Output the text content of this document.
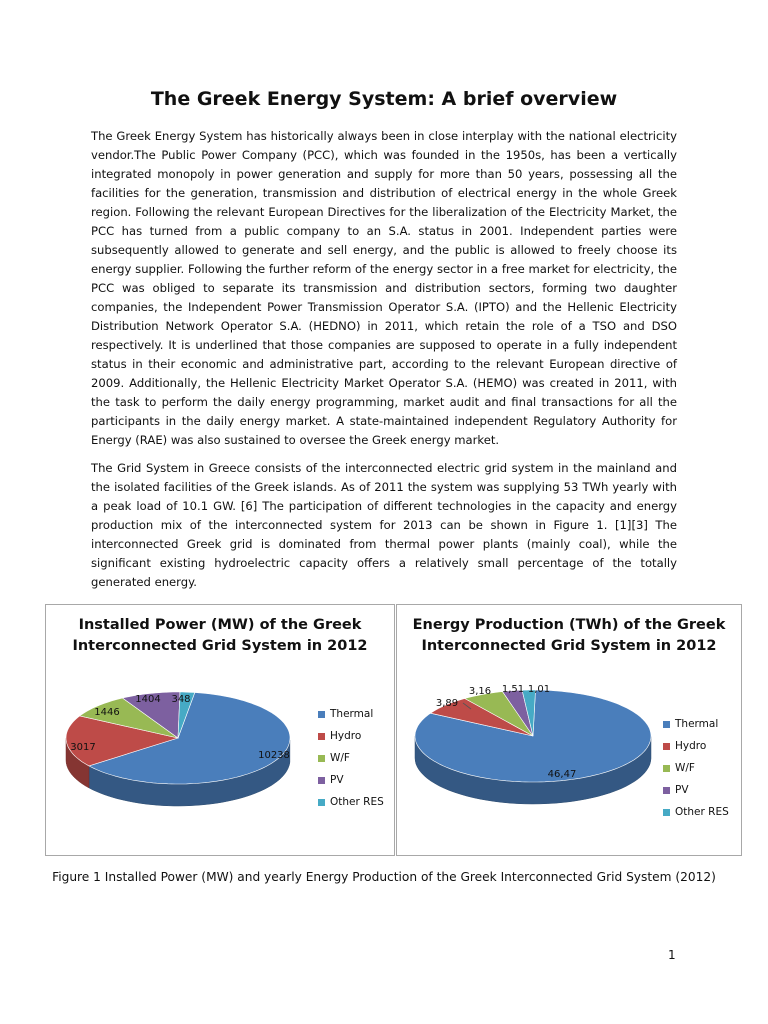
The Greek Energy System: A brief overview

The Greek Energy System has historically always been in close interplay with the national electricity vendor.The Public Power Company (PCC), which was founded in the 1950s, has been a vertically integrated monopoly in power generation and supply for more than 50 years, possessing all the facilities for the generation, transmission and distribution of electrical energy in the whole Greek region. Following the relevant European Directives for the liberalization of the Electricity Market, the PCC has turned from a public company to an S.A. status in 2001. Independent parties were subsequently allowed to generate and sell energy, and the public is allowed to freely choose its energy supplier. Following the further reform of the energy sector in a free market for electricity, the PCC was obliged to separate its transmission and distribution sectors, forming two daughter companies, the Independent Power Transmission Operator S.A. (IPTO) and the Hellenic Electricity Distribution Network Operator S.A. (HEDNO) in 2011, which retain the role of a TSO and DSO respectively. It is underlined that those companies are supposed to operate in a fully independent status in their economic and administrative part, according to the relevant European directive of 2009. Additionally, the Hellenic Electricity Market Operator S.A. (HEMO) was created in 2011, with the task to perform the daily energy programming, market audit and final transactions for all the participants in the daily energy market. A state-maintained independent Regulatory Authority for Energy (RAE) was also sustained to oversee the Greek energy market.

The Grid System in Greece consists of the interconnected electric grid system in the mainland and the isolated facilities of the Greek islands. As of 2011 the system was supplying 53 TWh yearly with a peak load of 10.1 GW. [6] The participation of different technologies in the capacity and energy production mix of the interconnected system for 2013 can be shown in Figure 1. [1][3] The interconnected Greek grid is dominated from thermal power plants (mainly coal), while the significant existing hydroelectric capacity offers a relatively small percentage of the totally generated energy.

Installed Power (MW) of the Greek Interconnected Grid System in 2012
10238
3017
1446
1404 348
Thermal
Hydro
W/F
PV
Other RES
Energy Production (TWh) of the Greek Interconnected Grid System in 2012
46,47
3,89
3,16 1,51 1,01
Thermal
Hydro
W/F
PV
Other RES
Figure 1 Installed Power (MW) and yearly Energy Production of the Greek Interconnected Grid System (2012)
1
